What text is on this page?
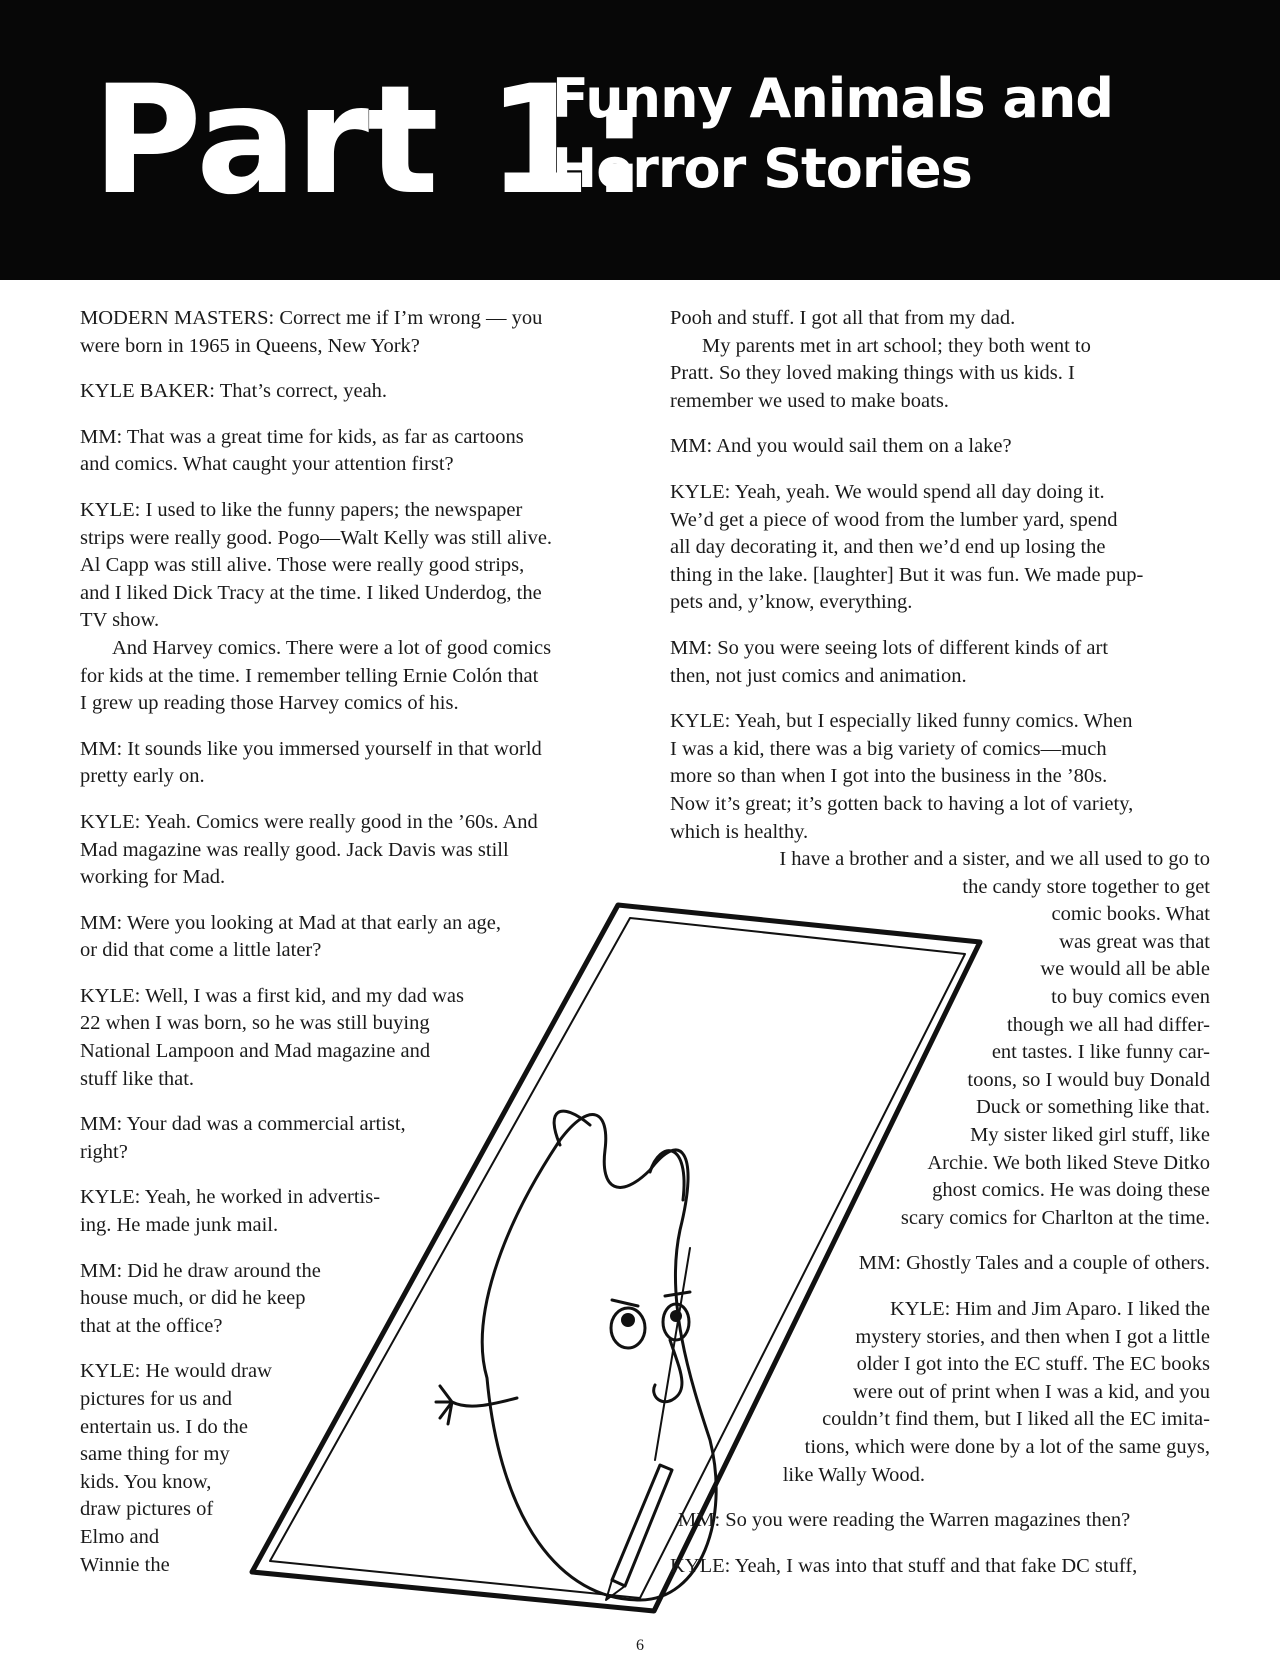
Part 1:
Funny Animals and
Horror Stories

MODERN MASTERS: Correct me if I’m wrong — you
were born in 1965 in Queens, New York?

KYLE BAKER: That’s correct, yeah.

MM: That was a great time for kids, as far as cartoons
and comics. What caught your attention first?

KYLE: I used to like the funny papers; the newspaper
strips were really good. Pogo—Walt Kelly was still alive.
Al Capp was still alive. Those were really good strips,
and I liked Dick Tracy at the time. I liked Underdog, the
TV show.

And Harvey comics. There were a lot of good comics
for kids at the time. I remember telling Ernie Colón that
I grew up reading those Harvey comics of his.

MM: It sounds like you immersed yourself in that world
pretty early on.

KYLE: Yeah. Comics were really good in the ’60s. And
Mad magazine was really good. Jack Davis was still
working for Mad.

MM: Were you looking at Mad at that early an age,
or did that come a little later?

KYLE: Well, I was a first kid, and my dad was
22 when I was born, so he was still buying
National Lampoon and Mad magazine and
stuff like that.

MM: Your dad was a commercial artist,
right?

KYLE: Yeah, he worked in advertis-
ing. He made junk mail.

MM: Did he draw around the
house much, or did he keep
that at the office?

KYLE: He would draw
pictures for us and
entertain us. I do the
same thing for my
kids. You know,
draw pictures of
Elmo and
Winnie the

Pooh and stuff. I got all that from my dad.

My parents met in art school; they both went to
Pratt. So they loved making things with us kids. I
remember we used to make boats.

MM: And you would sail them on a lake?

KYLE: Yeah, yeah. We would spend all day doing it.
We’d get a piece of wood from the lumber yard, spend
all day decorating it, and then we’d end up losing the
thing in the lake. [laughter] But it was fun. We made pup-
pets and, y’know, everything.

MM: So you were seeing lots of different kinds of art
then, not just comics and animation.

KYLE: Yeah, but I especially liked funny comics. When
I was a kid, there was a big variety of comics—much
more so than when I got into the business in the ’80s.
Now it’s great; it’s gotten back to having a lot of variety,
which is healthy.

I have a brother and a sister, and we all used to go to
the candy store together to get
comic books. What
was great was that
we would all be able
to buy comics even
though we all had differ-
ent tastes. I like funny car-
toons, so I would buy Donald
Duck or something like that.
My sister liked girl stuff, like
Archie. We both liked Steve Ditko
ghost comics. He was doing these
scary comics for Charlton at the time.

MM: Ghostly Tales and a couple of others.

KYLE: Him and Jim Aparo. I liked the
mystery stories, and then when I got a little
older I got into the EC stuff. The EC books
were out of print when I was a kid, and you
couldn’t find them, but I liked all the EC imita-
tions, which were done by a lot of the same guys,
like Wally Wood.

MM: So you were reading the Warren magazines then?

KYLE: Yeah, I was into that stuff and that fake DC stuff,

6
